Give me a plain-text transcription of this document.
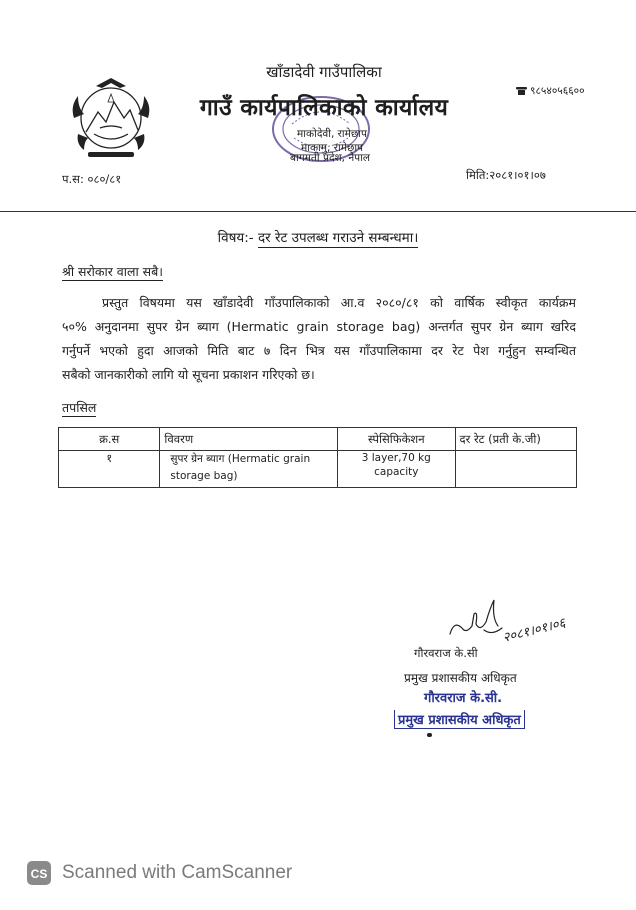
खाँडादेवी गाउँपालिका
गाउँ कार्यपालिकाको कार्यालय
माकोदेवी, रामेछाप
माकामु, रामेछाप
बागमती प्रदेश, नेपाल
९८५४०५६६००
प.स: ०८०/८१	मिति:२०८१।०१।०७
विषय:- दर रेट उपलब्ध गराउने सम्बन्धमा।
श्री सरोकार वाला सबै।
प्रस्तुत विषयमा यस खाँडादेवी गाँउपालिकाको आ.व २०८०/८१ को वार्षिक स्वीकृत कार्यक्रम
५०% अनुदानमा सुपर ग्रेन ब्याग (Hermatic grain storage bag) अन्तर्गत सुपर ग्रेन ब्याग खरिद
गर्नुपर्ने भएको हुदा आजको मिति बाट ७ दिन भित्र यस गाँउपालिकामा दर रेट पेश गर्नुहुन सम्वन्धित
सबैको जानकारीको लागि यो सूचना प्रकाशन गरिएको छ।
तपसिल
क्र.स	विवरण	स्पेसिफिकेशन	दर रेट (प्रती के.जी)
१	सुपर ग्रेन ब्याग (Hermatic grain storage bag)	3 layer,70 kg capacity	
२०८१।०१।०६
गौरवराज के.सी
प्रमुख प्रशासकीय अधिकृत
गौरवराज के.सी.
प्रमुख प्रशासकीय अधिकृत
CS Scanned with CamScanner
